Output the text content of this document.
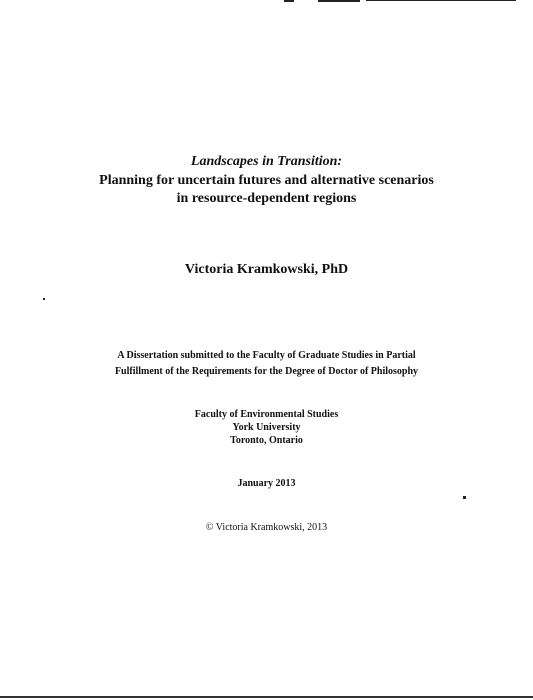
Landscapes in Transition:
Planning for uncertain futures and alternative scenarios
in resource-dependent regions
Victoria Kramkowski, PhD
A Dissertation submitted to the Faculty of Graduate Studies in Partial
Fulfillment of the Requirements for the Degree of Doctor of Philosophy
Faculty of Environmental Studies
York University
Toronto, Ontario
January 2013
© Victoria Kramkowski, 2013
